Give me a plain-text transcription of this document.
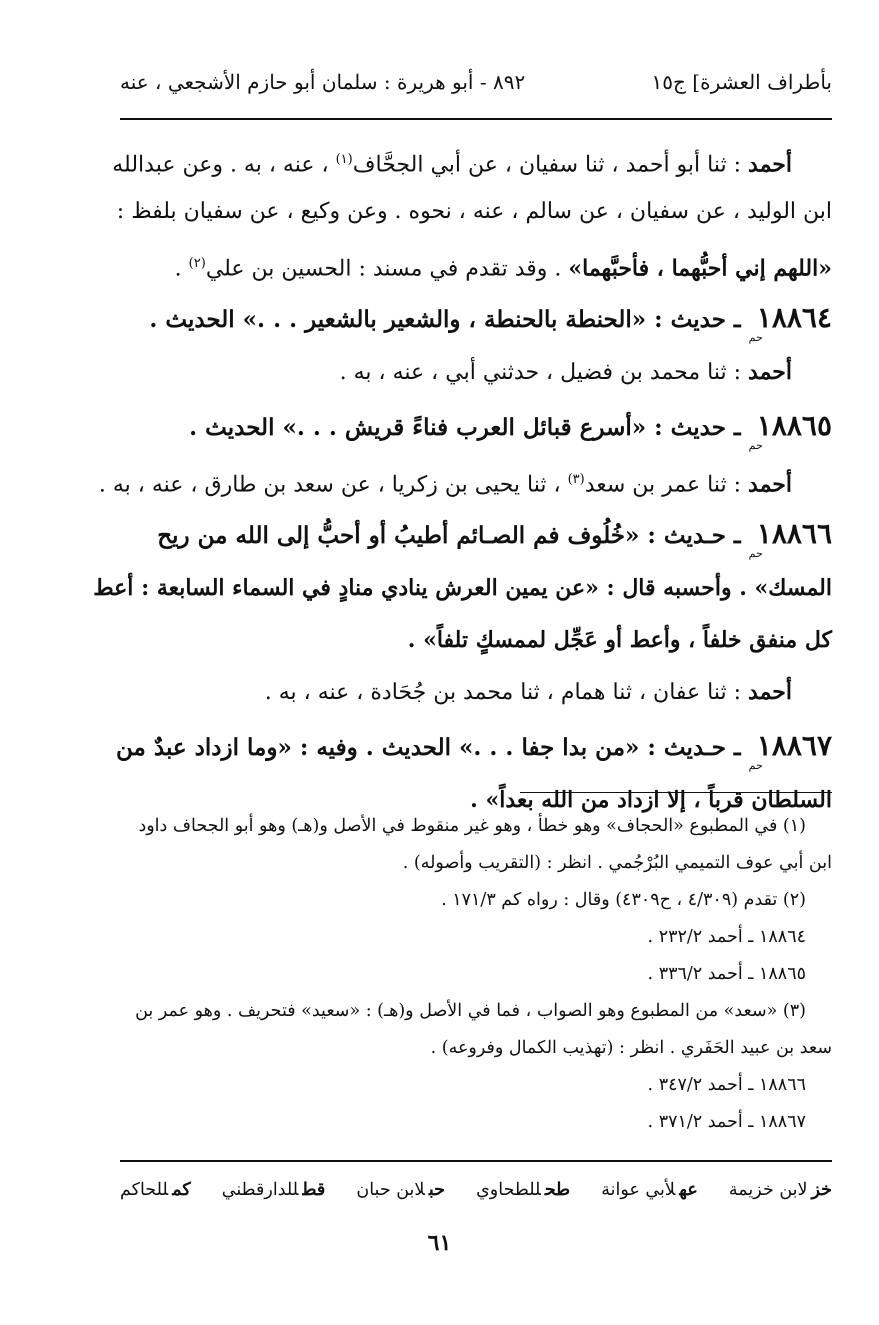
بأطراف العشرة] ج١٥
٨٩٢ - أبو هريرة : سلمان أبو حازم الأشجعي ، عنه
أحمد : ثنا أبو أحمد ، ثنا سفيان ، عن أبي الجحَّاف$^{(١)}$ ، عنه ، به . وعن عبدالله
ابن الوليد ، عن سفيان ، عن سالم ، عنه ، نحوه . وعن وكيع ، عن سفيان بلفظ :
«اللهم إني أحبُّهما ، فأحبَّهما» . وقد تقدم في مسند : الحسين بن علي$^{(٢)}$ .
$١٨٨٦٤_{حم}$ ـ حديث : «الحنطة بالحنطة ، والشعير بالشعير . . .» الحديث .
أحمد : ثنا محمد بن فضيل ، حدثني أبي ، عنه ، به .
$١٨٨٦٥_{حم}$ ـ حديث : «أسرع قبائل العرب فناءً قريش . . .» الحديث .
أحمد : ثنا عمر بن سعد$^{(٣)}$ ، ثنا يحيى بن زكريا ، عن سعد بن طارق ، عنه ، به .
$١٨٨٦٦_{حم}$ ـ حـديث : «خُلُوف فم الصـائم أطيبُ أو أحبُّ إلى الله من ريح
المسك» . وأحسبه قال : «عن يمين العرش ينادي منادٍ في السماء السابعة : أعط
كل منفق خلفاً ، وأعط أو عَجِّل لممسكٍ تلفاً» .
أحمد : ثنا عفان ، ثنا همام ، ثنا محمد بن جُحَادة ، عنه ، به .
$١٨٨٦٧_{حم}$ ـ حـديث : «من بدا جفا . . .» الحديث . وفيه : «وما ازداد عبدٌ من
السلطان قرباً ، إلا ازداد من الله بعداً» .
(١) في المطبوع «الحجاف» وهو خطأ ، وهو غير منقوط في الأصل و(هـ) وهو أبو الجحاف داود
ابن أبي عوف التميمي البُرْجُمي . انظر : (التقريب وأصوله) .
(٢) تقدم (٤/٣٠٩ ، ح٤٣٠٩) وقال : رواه كم ١٧١/٣ .
١٨٨٦٤ ـ أحمد ٢٣٢/٢ .
١٨٨٦٥ ـ أحمد ٣٣٦/٢ .
(٣) «سعد» من المطبوع وهو الصواب ، فما في الأصل و(هـ) : «سعيد» فتحريف . وهو عمر بن
سعد بن عبيد الحَفَري . انظر : (تهذيب الكمال وفروعه) .
١٨٨٦٦ ـ أحمد ٣٤٧/٢ .
١٨٨٦٧ ـ أحمد ٣٧١/٢ .
خزلابن خزيمة
عهلأبي عوانة
طحللطحاوي
حبلابن حبان
قطللدارقطني
كمللحاكم
٦١
